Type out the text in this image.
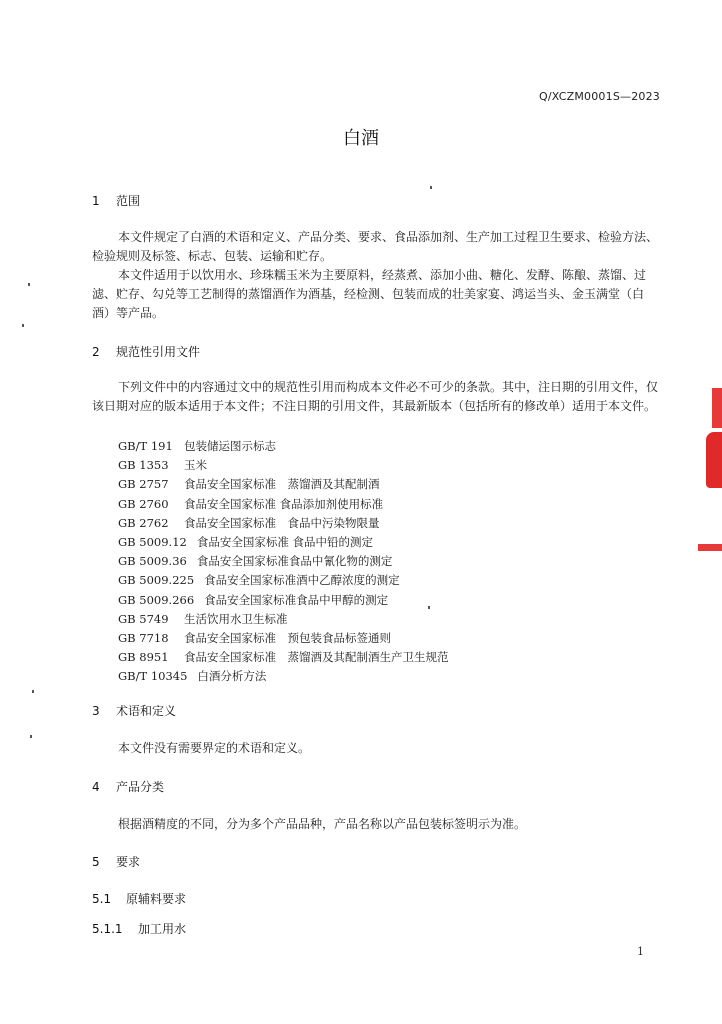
Q/XCZM0001S—2023
白酒
1 范围
本文件规定了白酒的术语和定义、产品分类、要求、食品添加剂、生产加工过程卫生要求、检验方法、检验规则及标签、标志、包装、运输和贮存。
本文件适用于以饮用水、珍珠糯玉米为主要原料，经蒸煮、添加小曲、糖化、发酵、陈酿、蒸馏、过滤、贮存、勾兑等工艺制得的蒸馏酒作为酒基，经检测、包装而成的壮美家宴、鸿运当头、金玉满堂（白酒）等产品。
2 规范性引用文件
下列文件中的内容通过文中的规范性引用而构成本文件必不可少的条款。其中，注日期的引用文件，仅该日期对应的版本适用于本文件；不注日期的引用文件，其最新版本（包括所有的修改单）适用于本文件。
GB/T 191 包装储运图示标志
GB 1353 玉米
GB 2757 食品安全国家标准　蒸馏酒及其配制酒
GB 2760 食品安全国家标准 食品添加剂使用标准
GB 2762 食品安全国家标准　食品中污染物限量
GB 5009.12 食品安全国家标准 食品中铅的测定
GB 5009.36 食品安全国家标准食品中氰化物的测定
GB 5009.225 食品安全国家标准酒中乙醇浓度的测定
GB 5009.266 食品安全国家标准食品中甲醇的测定
GB 5749 生活饮用水卫生标准
GB 7718 食品安全国家标准　预包装食品标签通则
GB 8951 食品安全国家标准　蒸馏酒及其配制酒生产卫生规范
GB/T 10345 白酒分析方法
3 术语和定义
本文件没有需要界定的术语和定义。
4 产品分类
根据酒精度的不同，分为多个产品品种，产品名称以产品包装标签明示为准。
5 要求
5.1 原辅料要求
5.1.1 加工用水
1
